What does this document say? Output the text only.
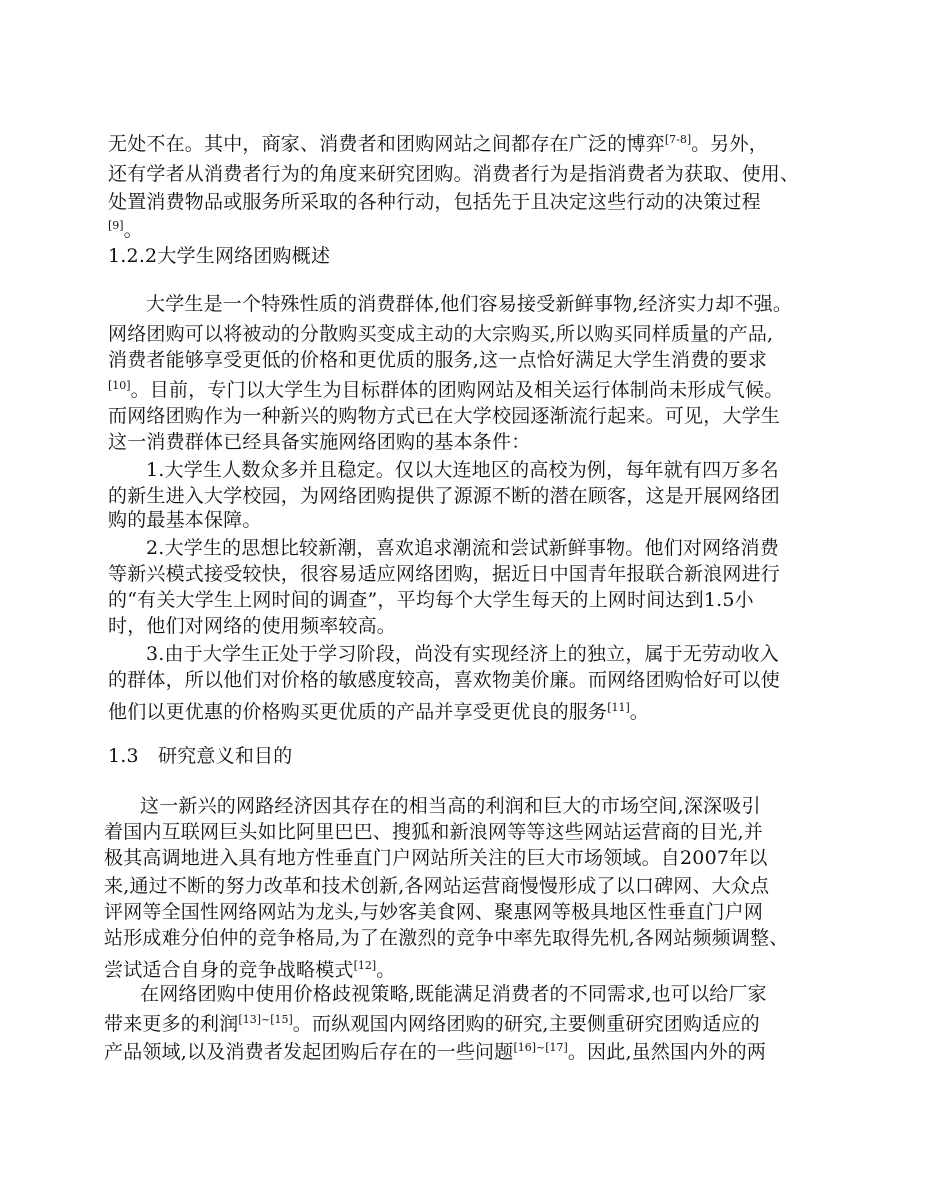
无处不在。其中，商家、消费者和团购网站之间都存在广泛的博弈[7-8]。另外，
还有学者从消费者行为的角度来研究团购。消费者行为是指消费者为获取、使用、
处置消费物品或服务所采取的各种行动，包括先于且决定这些行动的决策过程
[9]。
1.2.2大学生网络团购概述
大学生是一个特殊性质的消费群体,他们容易接受新鲜事物,经济实力却不强。
网络团购可以将被动的分散购买变成主动的大宗购买,所以购买同样质量的产品,
消费者能够享受更低的价格和更优质的服务,这一点恰好满足大学生消费的要求
[10]。目前，专门以大学生为目标群体的团购网站及相关运行体制尚未形成气候。
而网络团购作为一种新兴的购物方式已在大学校园逐渐流行起来。可见，大学生
这一消费群体已经具备实施网络团购的基本条件：
1.大学生人数众多并且稳定。仅以大连地区的高校为例，每年就有四万多名
的新生进入大学校园，为网络团购提供了源源不断的潜在顾客，这是开展网络团
购的最基本保障。
2.大学生的思想比较新潮，喜欢追求潮流和尝试新鲜事物。他们对网络消费
等新兴模式接受较快，很容易适应网络团购，据近日中国青年报联合新浪网进行
的“有关大学生上网时间的调查”，平均每个大学生每天的上网时间达到1.5小
时，他们对网络的使用频率较高。
3.由于大学生正处于学习阶段，尚没有实现经济上的独立，属于无劳动收入
的群体，所以他们对价格的敏感度较高，喜欢物美价廉。而网络团购恰好可以使
他们以更优惠的价格购买更优质的产品并享受更优良的服务[11]。
1.3　研究意义和目的
这一新兴的网路经济因其存在的相当高的利润和巨大的市场空间,深深吸引
着国内互联网巨头如比阿里巴巴、搜狐和新浪网等等这些网站运营商的目光,并
极其高调地进入具有地方性垂直门户网站所关注的巨大市场领域。自2007年以
来,通过不断的努力改革和技术创新,各网站运营商慢慢形成了以口碑网、大众点
评网等全国性网络网站为龙头,与妙客美食网、聚惠网等极具地区性垂直门户网
站形成难分伯仲的竞争格局,为了在激烈的竞争中率先取得先机,各网站频频调整、
尝试适合自身的竞争战略模式[12]。
在网络团购中使用价格歧视策略,既能满足消费者的不同需求,也可以给厂家
带来更多的利润[13]~[15]。而纵观国内网络团购的研究,主要侧重研究团购适应的
产品领域,以及消费者发起团购后存在的一些问题[16]~[17]。因此,虽然国内外的两
